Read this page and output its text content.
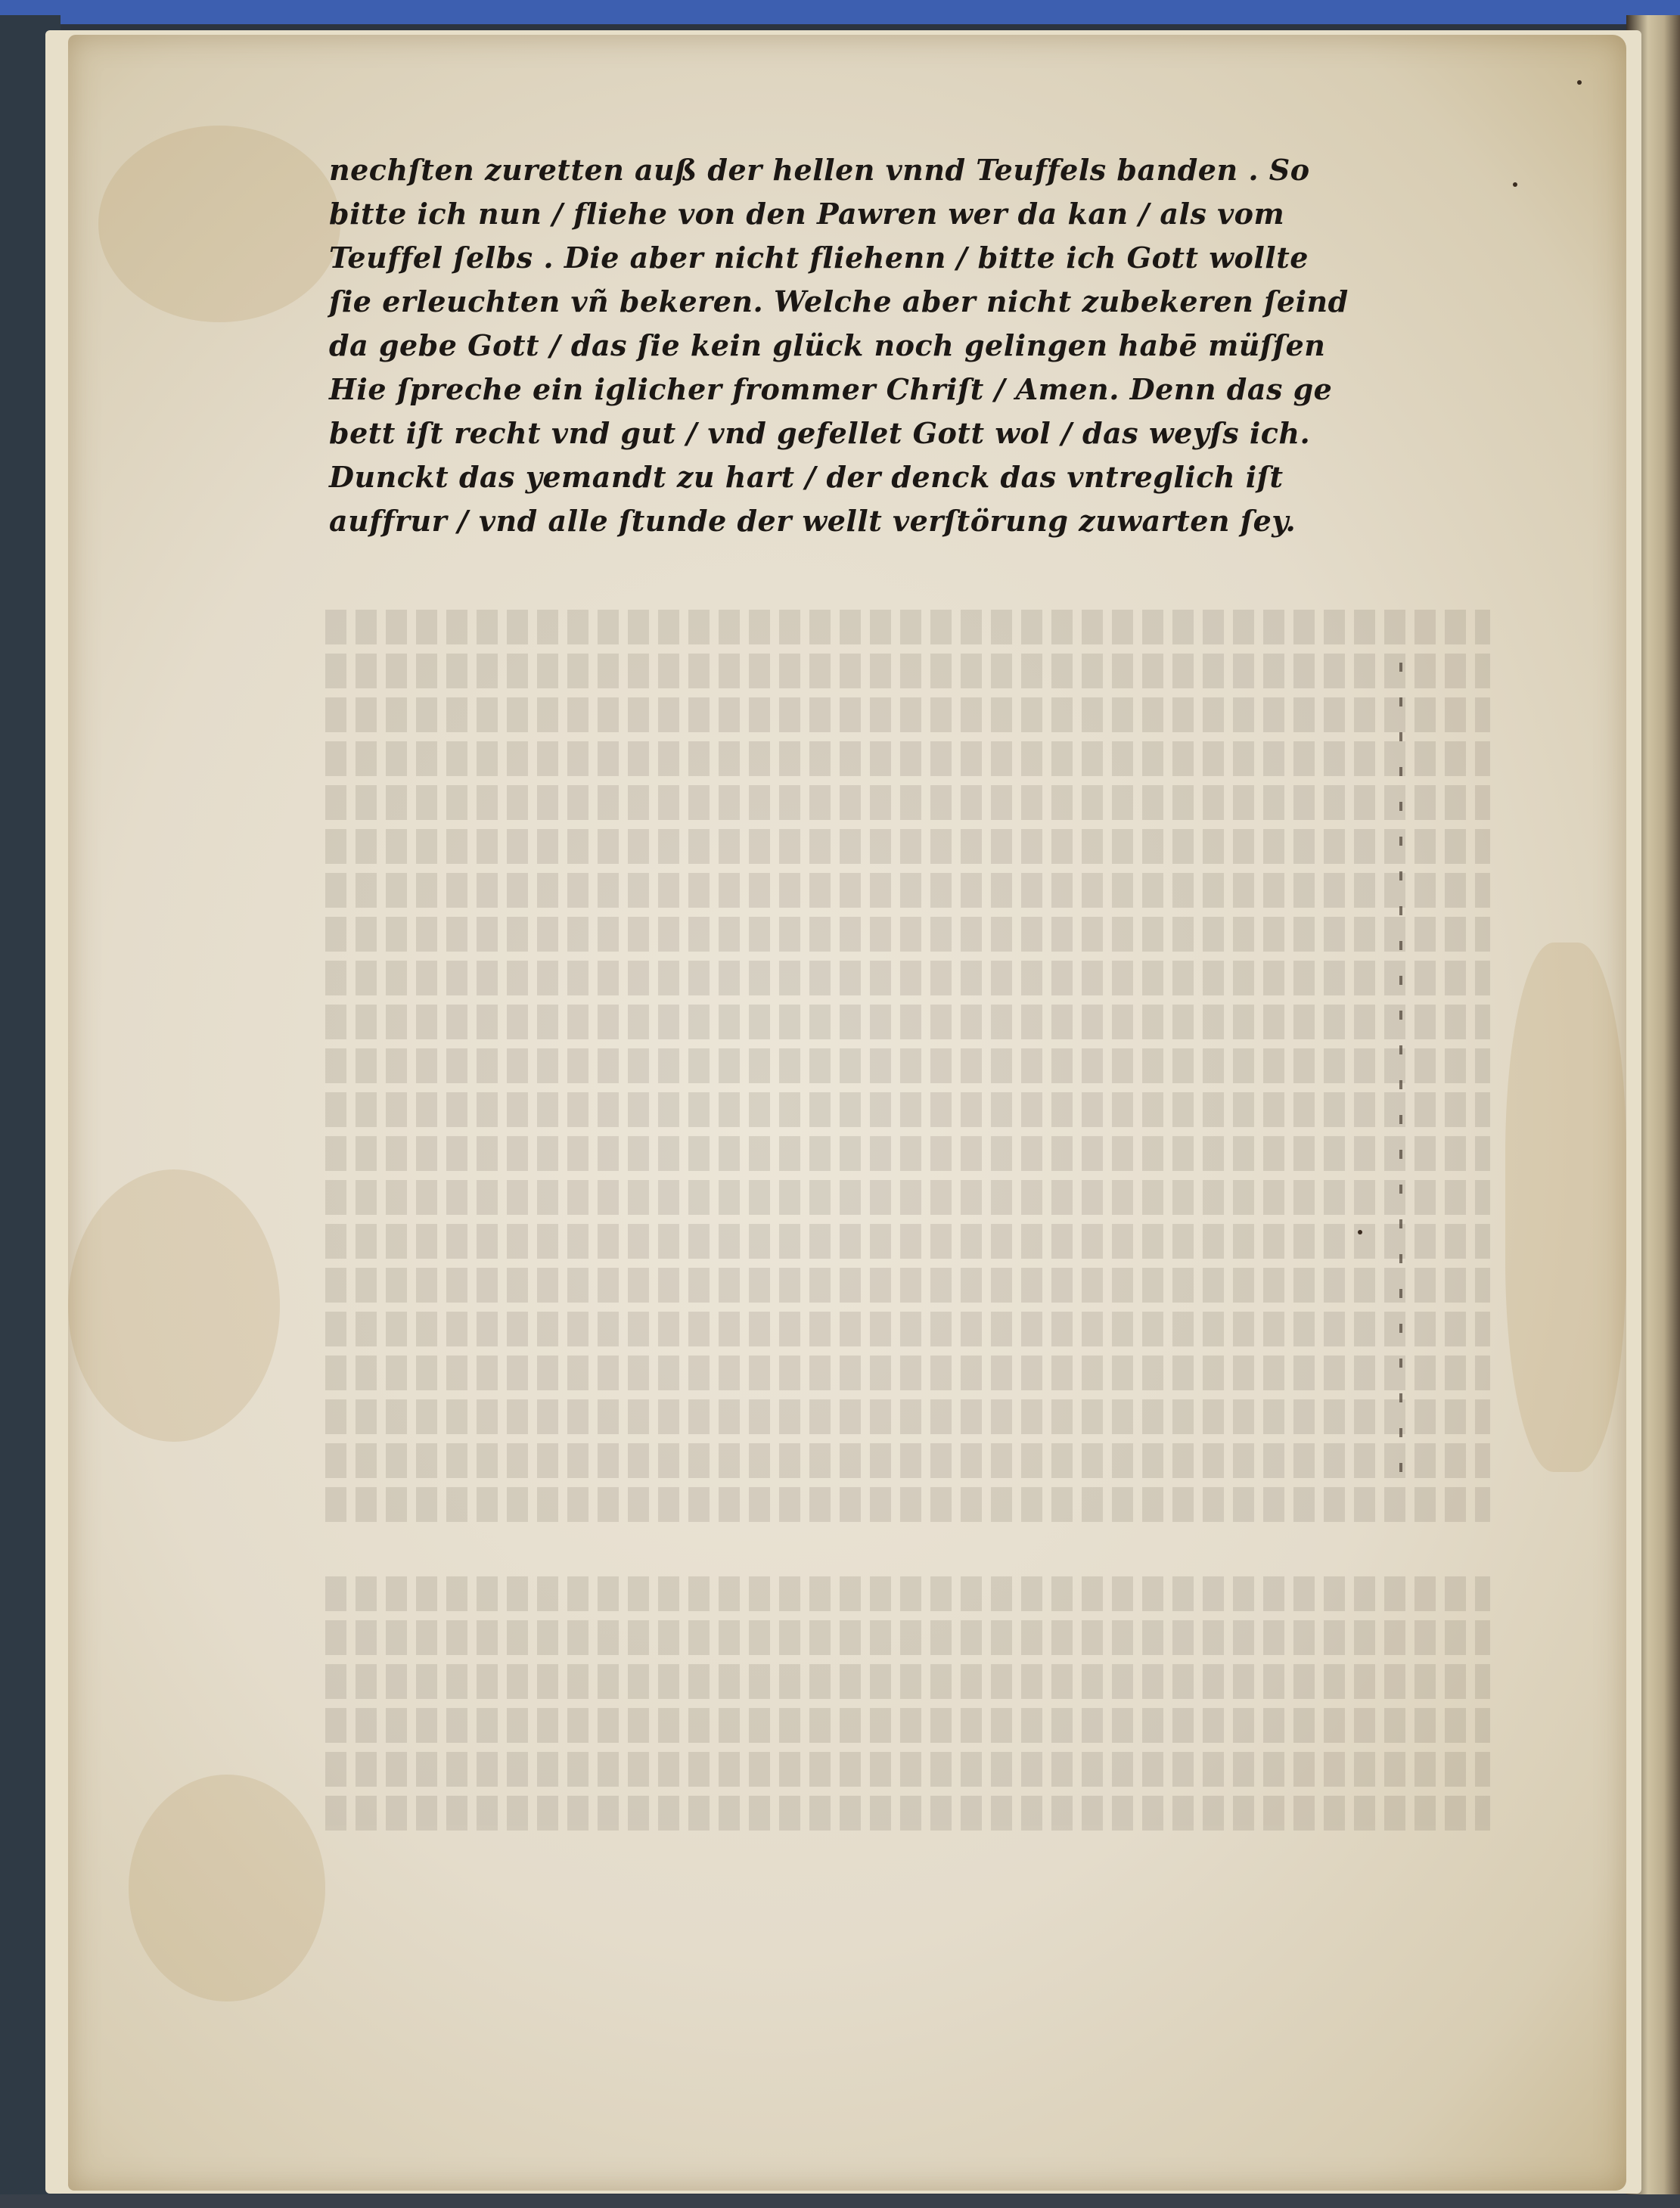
nechſten zuretten auß der hellen vnnd Teuffels banden . So
bitte ich nun / fliehe von den Pawren wer da kan / als vom
Teuffel ſelbs . Die aber nicht fliehenn / bitte ich Gott wollte
ſie erleuchten vñ bekeren. Welche aber nicht zubekeren ſeind
da gebe Gott / das ſie kein glück noch gelingen habē müſſen
Hie ſpreche ein iglicher frommer Chriſt / Amen. Denn das ge
bett iſt recht vnd gut / vnd gefellet Gott wol / das weyſs ich.
Dunckt das yemandt zu hart / der denck das vntreglich iſt
auffrur / vnd alle ſtunde der wellt verſtörung zuwarten ſey.
